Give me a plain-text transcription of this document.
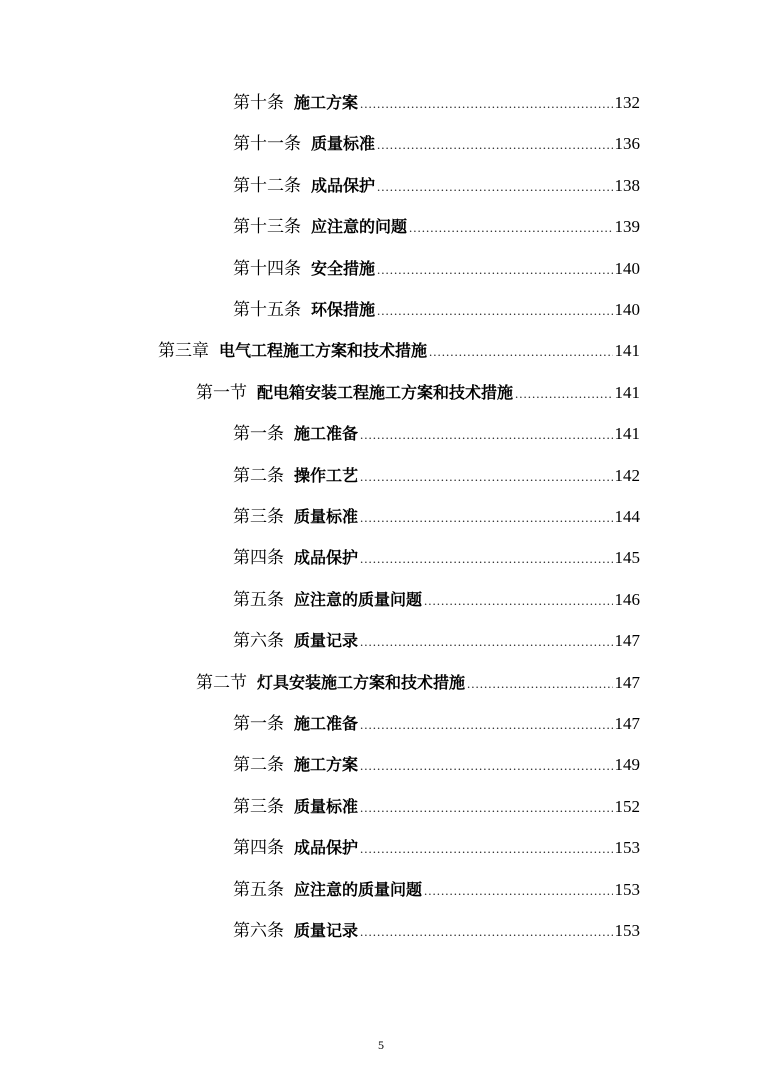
第十条 施工方案 .....	132
第十一条 质量标准 .....	136
第十二条 成品保护 .....	138
第十三条 应注意的问题 .....	139
第十四条 安全措施 .....	140
第十五条 环保措施 .....	140
第三章 电气工程施工方案和技术措施 .....	141
第一节 配电箱安装工程施工方案和技术措施 .....	141
第一条 施工准备 .....	141
第二条 操作工艺 .....	142
第三条 质量标准 .....	144
第四条 成品保护 .....	145
第五条 应注意的质量问题 .....	146
第六条 质量记录 .....	147
第二节 灯具安装施工方案和技术措施 .....	147
第一条 施工准备 .....	147
第二条 施工方案 .....	149
第三条 质量标准 .....	152
第四条 成品保护 .....	153
第五条 应注意的质量问题 .....	153
第六条 质量记录 .....	153
5
